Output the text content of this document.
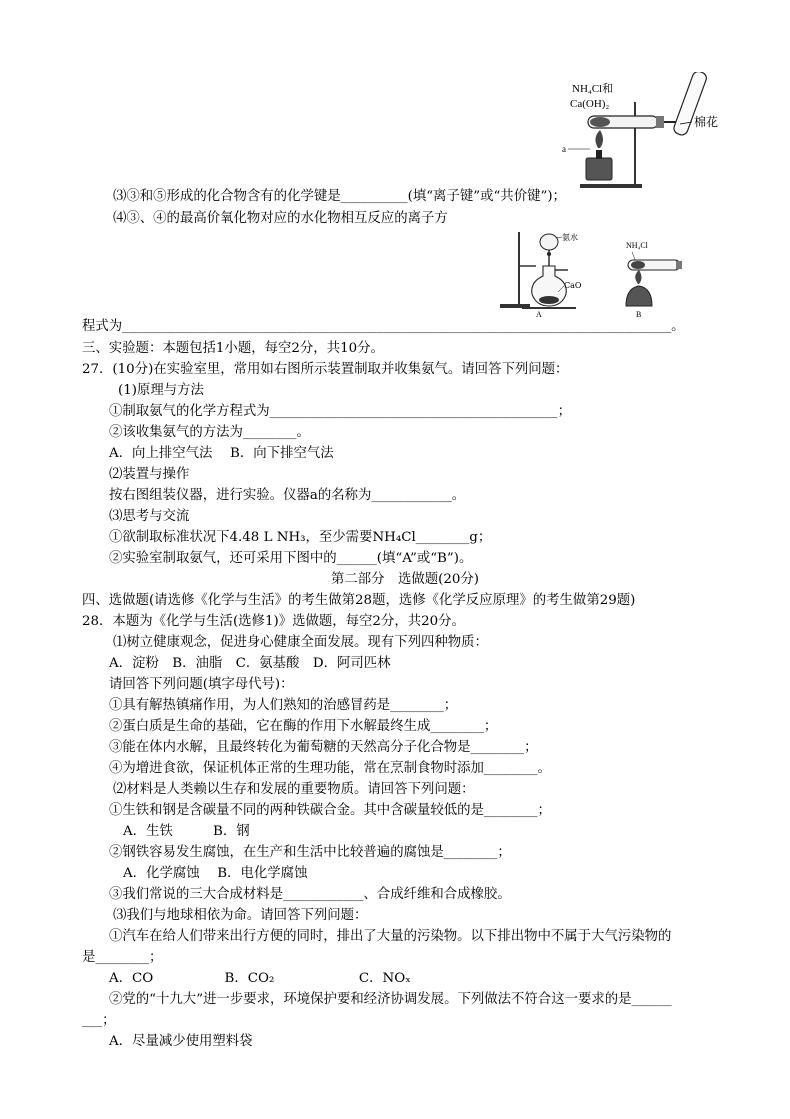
NH₄Cl和
Ca(OH)₂
棉花
a
氨水
CaO
A
NH₄Cl
B
⑶③和⑤形成的化合物含有的化学键是__________(填“离子键”或“共价键”)；
⑷③、④的最高价氧化物对应的水化物相互反应的离子方
程式为__________________________________________________________________________________。
三、实验题：本题包括1小题，每空2分，共10分。
27．(10分)在实验室里，常用如右图所示装置制取并收集氨气。请回答下列问题：
(1)原理与方法
①制取氨气的化学方程式为___________________________________________；
②该收集氨气的方法为________。
A．向上排空气法　 B．向下排空气法
⑵装置与操作
按右图组装仪器，进行实验。仪器a的名称为____________。
⑶思考与交流
①欲制取标准状况下4.48 L NH₃，至少需要NH₄Cl________g；
②实验室制取氨气，还可采用下图中的______(填“A”或“B”)。
第二部分　选做题(20分)
四、选做题(请选修《化学与生活》的考生做第28题，选修《化学反应原理》的考生做第29题)
28．本题为《化学与生活(选修1)》选做题，每空2分，共20分。
⑴树立健康观念，促进身心健康全面发展。现有下列四种物质：
A．淀粉　B．油脂　C．氨基酸　D．阿司匹林
请回答下列问题(填字母代号)：
①具有解热镇痛作用，为人们熟知的治感冒药是________；
②蛋白质是生命的基础，它在酶的作用下水解最终生成________；
③能在体内水解，且最终转化为葡萄糖的天然高分子化合物是________；
④为增进食欲，保证机体正常的生理功能，常在烹制食物时添加________。
⑵材料是人类赖以生存和发展的重要物质。请回答下列问题：
①生铁和钢是含碳量不同的两种铁碳合金。其中含碳量较低的是________；
A．生铁　　　B．钢
②钢铁容易发生腐蚀，在生产和生活中比较普遍的腐蚀是________；
A．化学腐蚀　 B．电化学腐蚀
③我们常说的三大合成材料是____________、合成纤维和合成橡胶。
⑶我们与地球相依为命。请回答下列问题：
①汽车在给人们带来出行方便的同时，排出了大量的污染物。以下排出物中不属于大气污染物的
是________；
A．CO　　　　　 B．CO₂　　　　　　 C．NOₓ
②党的“十九大”进一步要求，环境保护要和经济协调发展。下列做法不符合这一要求的是______
___；
A．尽量减少使用塑料袋
